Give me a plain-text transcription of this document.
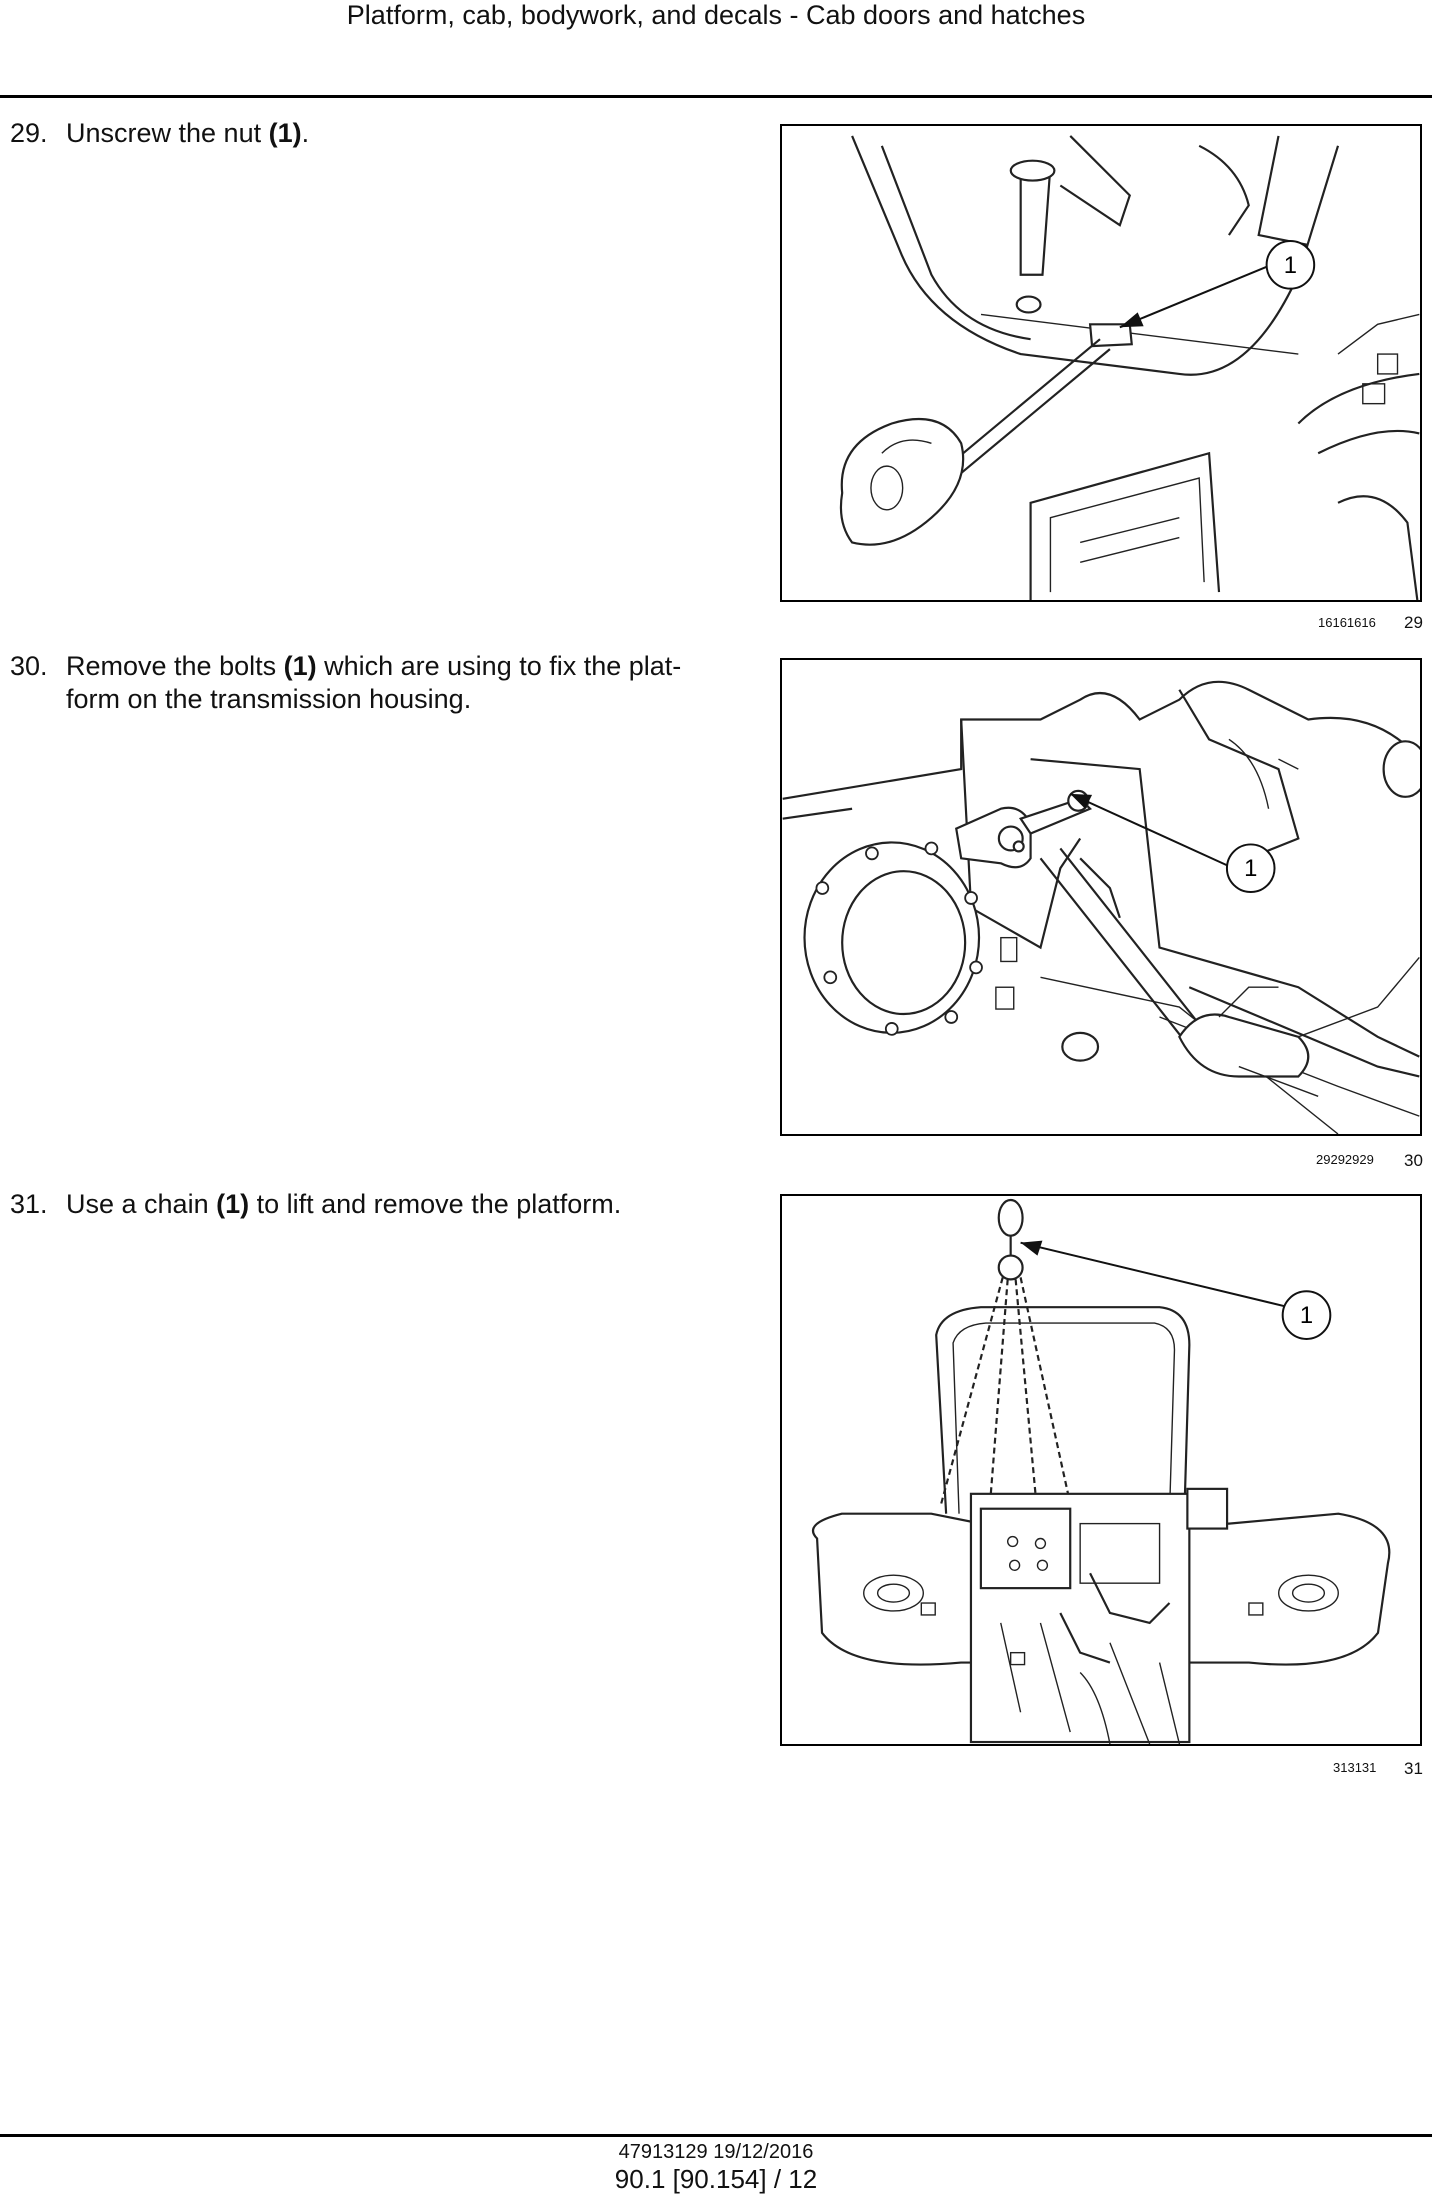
Platform, cab, bodywork, and decals - Cab doors and hatches
29. Unscrew the nut (1).
1
16161616 29
30. Remove the bolts (1) which are using to fix the plat-form on the transmission housing.
1
29292929 30
31. Use a chain (1) to lift and remove the platform.
1
313131 31
47913129 19/12/2016
90.1 [90.154] / 12
